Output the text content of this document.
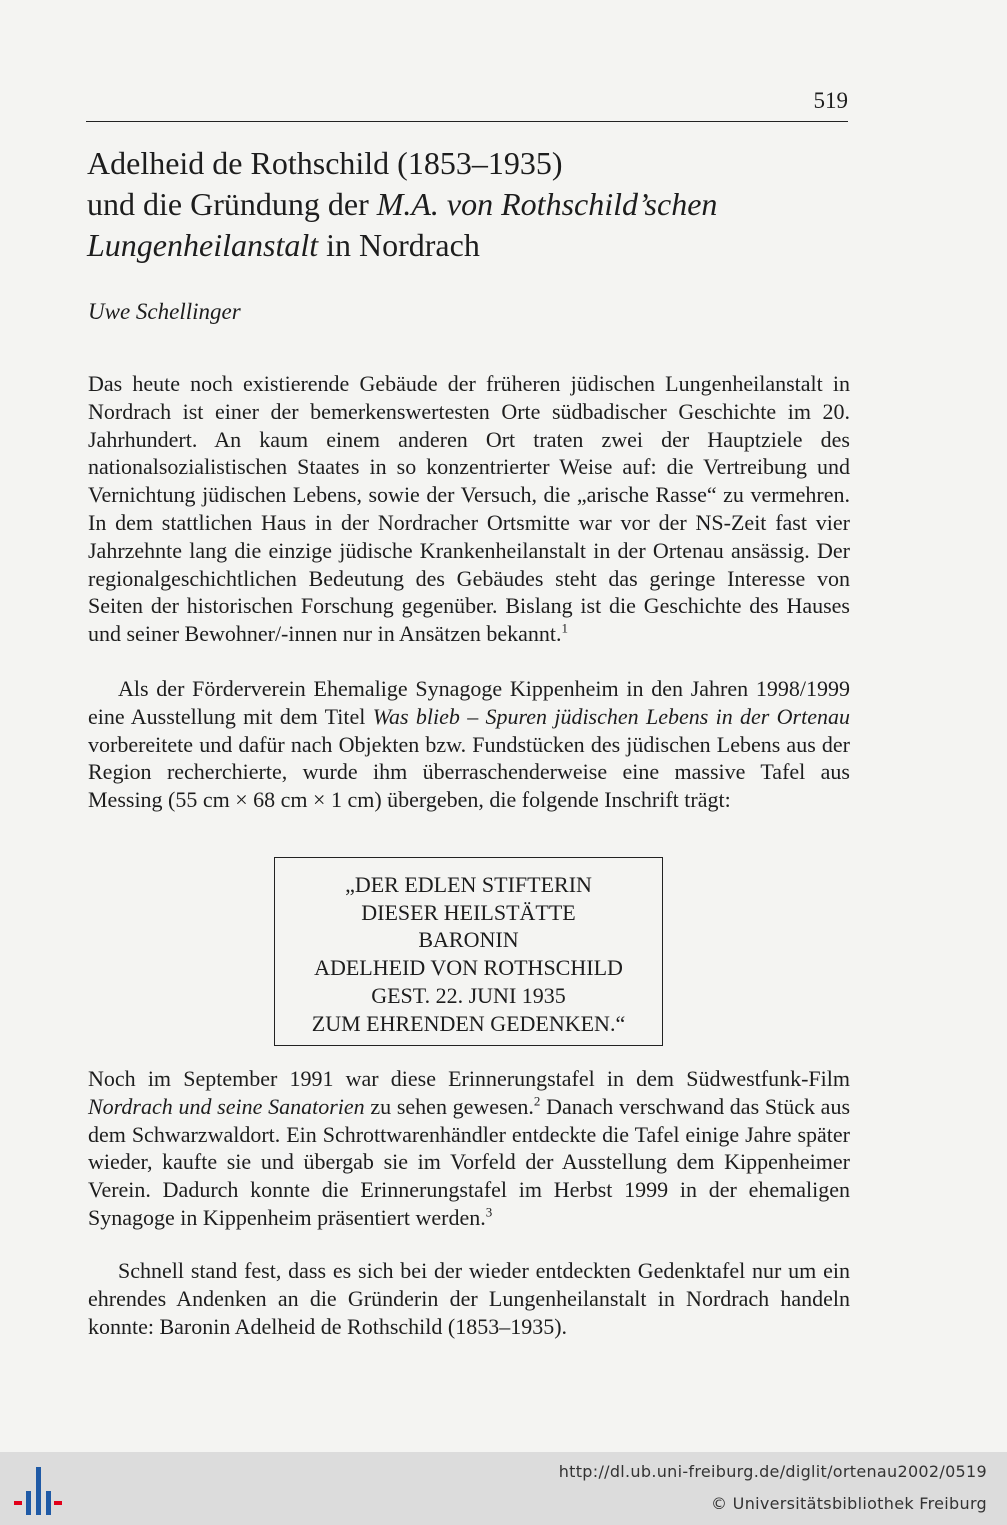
519
Adelheid de Rothschild (1853–1935)
und die Gründung der M.A. von Rothschild’schen
Lungenheilanstalt in Nordrach
Uwe Schellinger

Das heute noch existierende Gebäude der früheren jüdischen Lungenheilanstalt in Nordrach ist einer der bemerkenswertesten Orte südbadischer Geschichte im 20. Jahrhundert. An kaum einem anderen Ort traten zwei der Hauptziele des nationalsozialistischen Staates in so konzentrierter Weise auf: die Vertreibung und Vernichtung jüdischen Lebens, sowie der Versuch, die „arische Rasse“ zu vermehren. In dem stattlichen Haus in der Nordracher Ortsmitte war vor der NS-Zeit fast vier Jahrzehnte lang die einzige jüdische Krankenheilanstalt in der Ortenau ansässig. Der regionalgeschichtlichen Bedeutung des Gebäudes steht das geringe Interesse von Seiten der historischen Forschung gegenüber. Bislang ist die Geschichte des Hauses und seiner Bewohner/-innen nur in Ansätzen bekannt.$^1$

Als der Förderverein Ehemalige Synagoge Kippenheim in den Jahren 1998/1999 eine Ausstellung mit dem Titel Was blieb – Spuren jüdischen Lebens in der Ortenau vorbereitete und dafür nach Objekten bzw. Fundstücken des jüdischen Lebens aus der Region recherchierte, wurde ihm überraschenderweise eine massive Tafel aus Messing (55 cm × 68 cm × 1 cm) übergeben, die folgende Inschrift trägt:

„DER EDLEN STIFTERIN
DIESER HEILSTÄTTE
BARONIN
ADELHEID VON ROTHSCHILD
GEST. 22. JUNI 1935
ZUM EHRENDEN GEDENKEN.“

Noch im September 1991 war diese Erinnerungstafel in dem Südwestfunk-Film Nordrach und seine Sanatorien zu sehen gewesen.$^2$ Danach verschwand das Stück aus dem Schwarzwaldort. Ein Schrottwarenhändler entdeckte die Tafel einige Jahre später wieder, kaufte sie und übergab sie im Vorfeld der Ausstellung dem Kippenheimer Verein. Dadurch konnte die Erinnerungstafel im Herbst 1999 in der ehemaligen Synagoge in Kippenheim präsentiert werden.$^3$

Schnell stand fest, dass es sich bei der wieder entdeckten Gedenktafel nur um ein ehrendes Andenken an die Gründerin der Lungenheilanstalt in Nordrach handeln konnte: Baronin Adelheid de Rothschild (1853–1935).

http://dl.ub.uni-freiburg.de/diglit/ortenau2002/0519
© Universitätsbibliothek Freiburg
